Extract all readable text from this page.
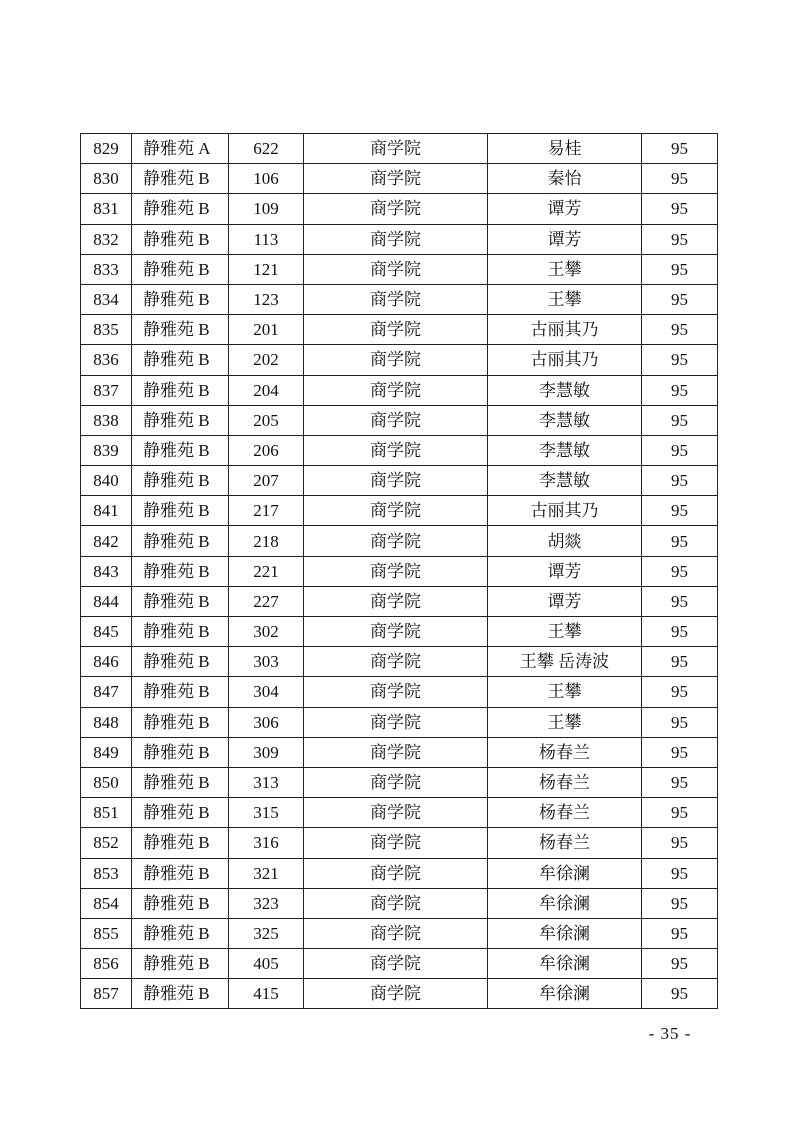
829	静雅苑 A	622	商学院	易桂	95
830	静雅苑 B	106	商学院	秦怡	95
831	静雅苑 B	109	商学院	谭芳	95
832	静雅苑 B	113	商学院	谭芳	95
833	静雅苑 B	121	商学院	王攀	95
834	静雅苑 B	123	商学院	王攀	95
835	静雅苑 B	201	商学院	古丽其乃	95
836	静雅苑 B	202	商学院	古丽其乃	95
837	静雅苑 B	204	商学院	李慧敏	95
838	静雅苑 B	205	商学院	李慧敏	95
839	静雅苑 B	206	商学院	李慧敏	95
840	静雅苑 B	207	商学院	李慧敏	95
841	静雅苑 B	217	商学院	古丽其乃	95
842	静雅苑 B	218	商学院	胡燚	95
843	静雅苑 B	221	商学院	谭芳	95
844	静雅苑 B	227	商学院	谭芳	95
845	静雅苑 B	302	商学院	王攀	95
846	静雅苑 B	303	商学院	王攀 岳涛波	95
847	静雅苑 B	304	商学院	王攀	95
848	静雅苑 B	306	商学院	王攀	95
849	静雅苑 B	309	商学院	杨春兰	95
850	静雅苑 B	313	商学院	杨春兰	95
851	静雅苑 B	315	商学院	杨春兰	95
852	静雅苑 B	316	商学院	杨春兰	95
853	静雅苑 B	321	商学院	牟徐澜	95
854	静雅苑 B	323	商学院	牟徐澜	95
855	静雅苑 B	325	商学院	牟徐澜	95
856	静雅苑 B	405	商学院	牟徐澜	95
857	静雅苑 B	415	商学院	牟徐澜	95
- 35 -
